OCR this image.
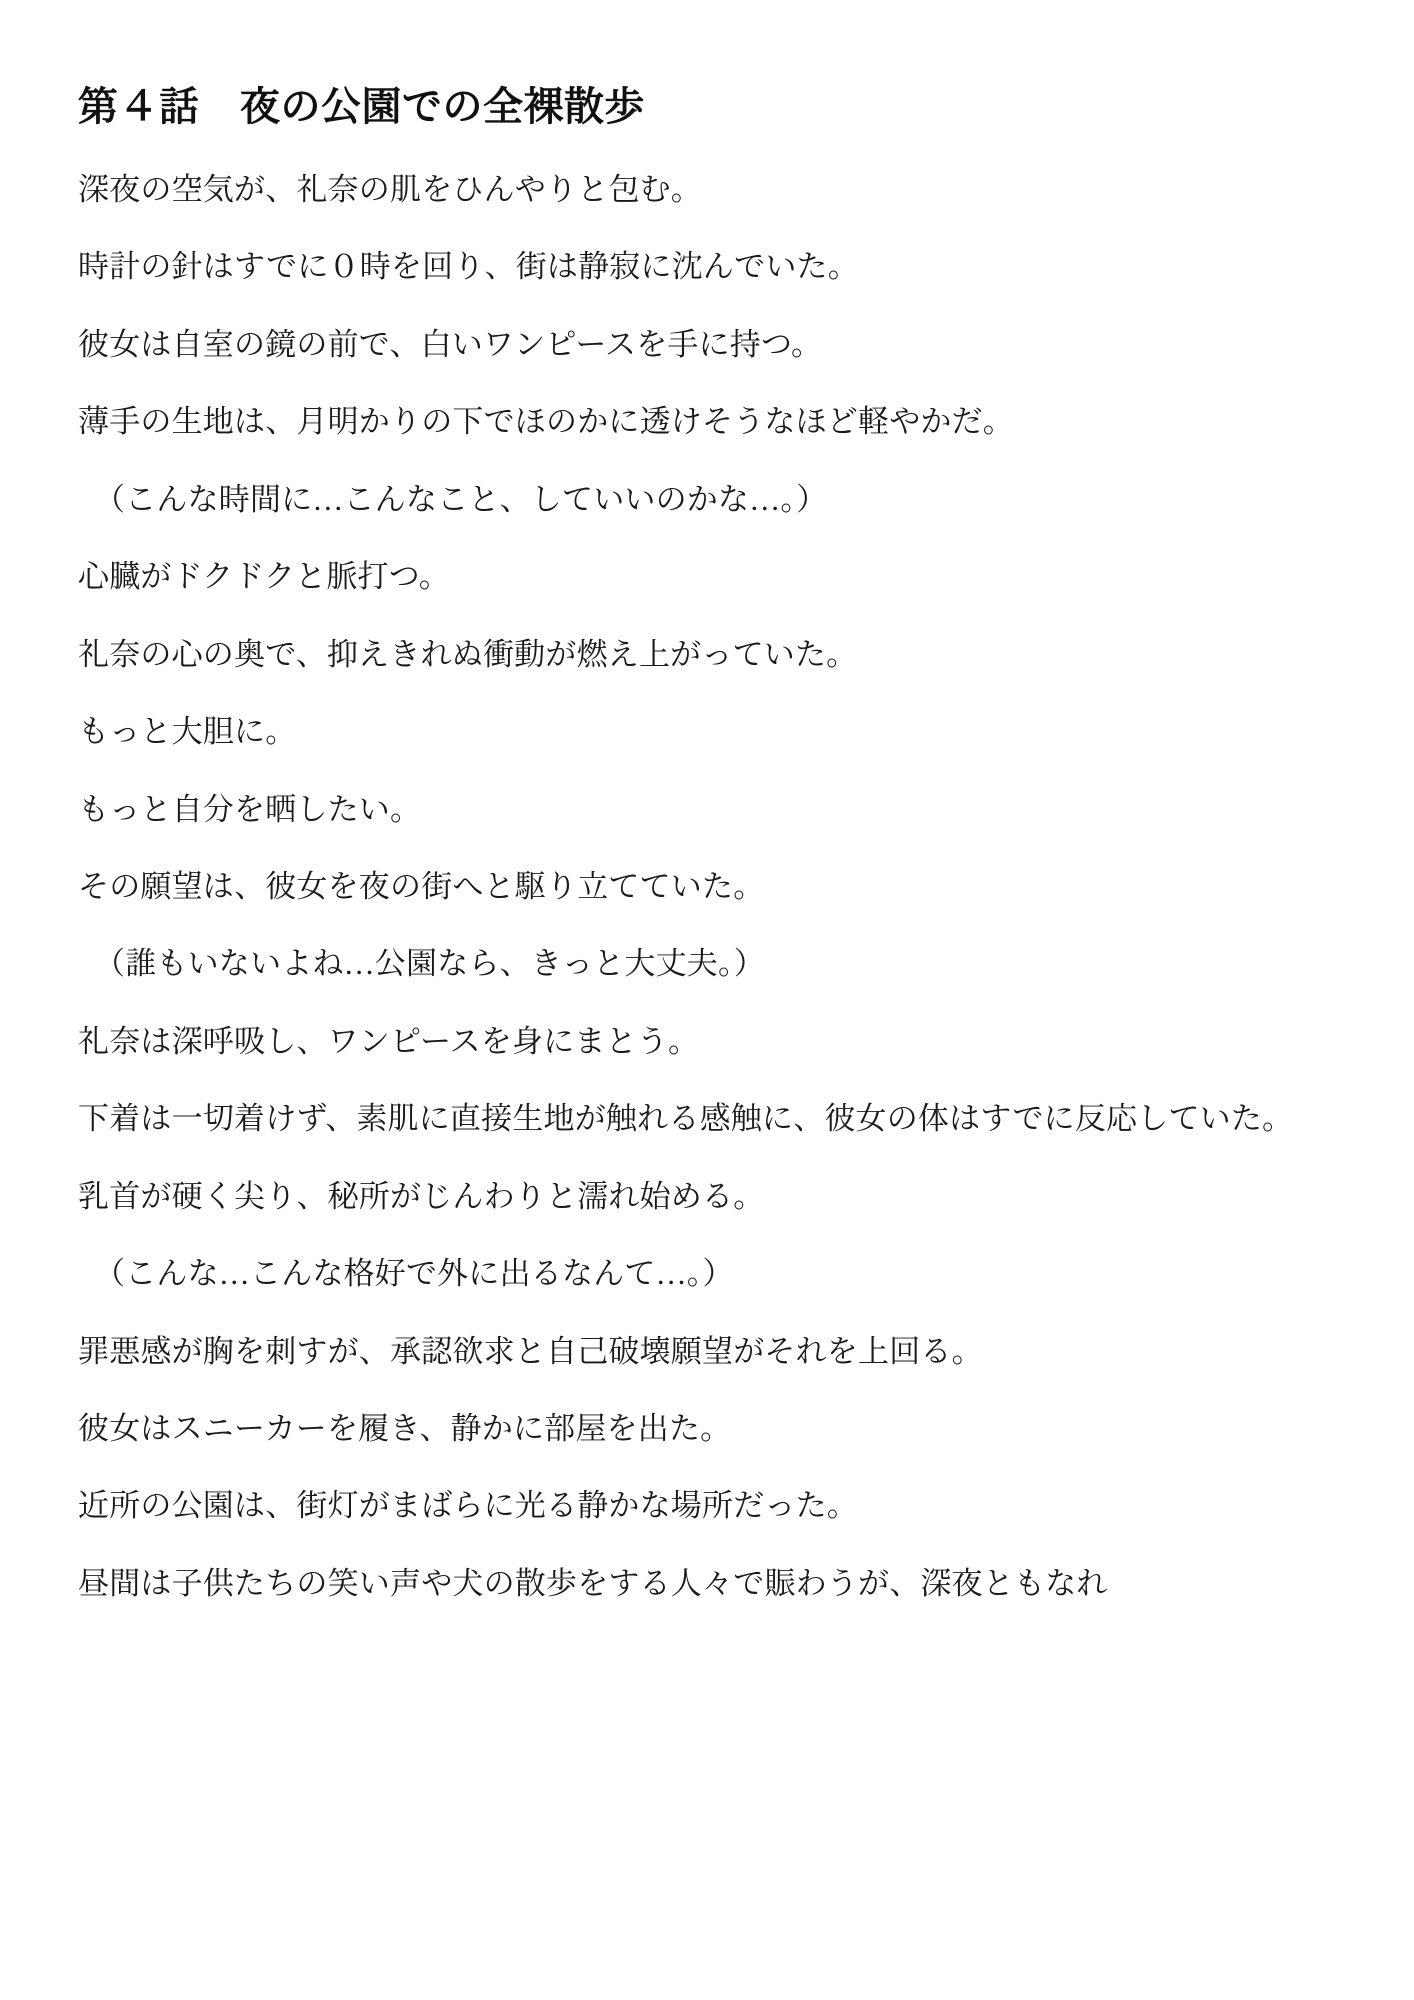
第４話　夜の公園での全裸散歩

深夜の空気が、礼奈の肌をひんやりと包む。

時計の針はすでに０時を回り、街は静寂に沈んでいた。

彼女は自室の鏡の前で、白いワンピースを手に持つ。

薄手の生地は、月明かりの下でほのかに透けそうなほど軽やかだ。

（こんな時間に…こんなこと、していいのかな…。）

心臓がドクドクと脈打つ。

礼奈の心の奥で、抑えきれぬ衝動が燃え上がっていた。

もっと大胆に。

もっと自分を晒したい。

その願望は、彼女を夜の街へと駆り立てていた。

（誰もいないよね…公園なら、きっと大丈夫。）

礼奈は深呼吸し、ワンピースを身にまとう。

下着は一切着けず、素肌に直接生地が触れる感触に、彼女の体はすでに反応していた。

乳首が硬く尖り、秘所がじんわりと濡れ始める。

（こんな…こんな格好で外に出るなんて…。）

罪悪感が胸を刺すが、承認欲求と自己破壊願望がそれを上回る。

彼女はスニーカーを履き、静かに部屋を出た。

近所の公園は、街灯がまばらに光る静かな場所だった。

昼間は子供たちの笑い声や犬の散歩をする人々で賑わうが、深夜ともなれ
